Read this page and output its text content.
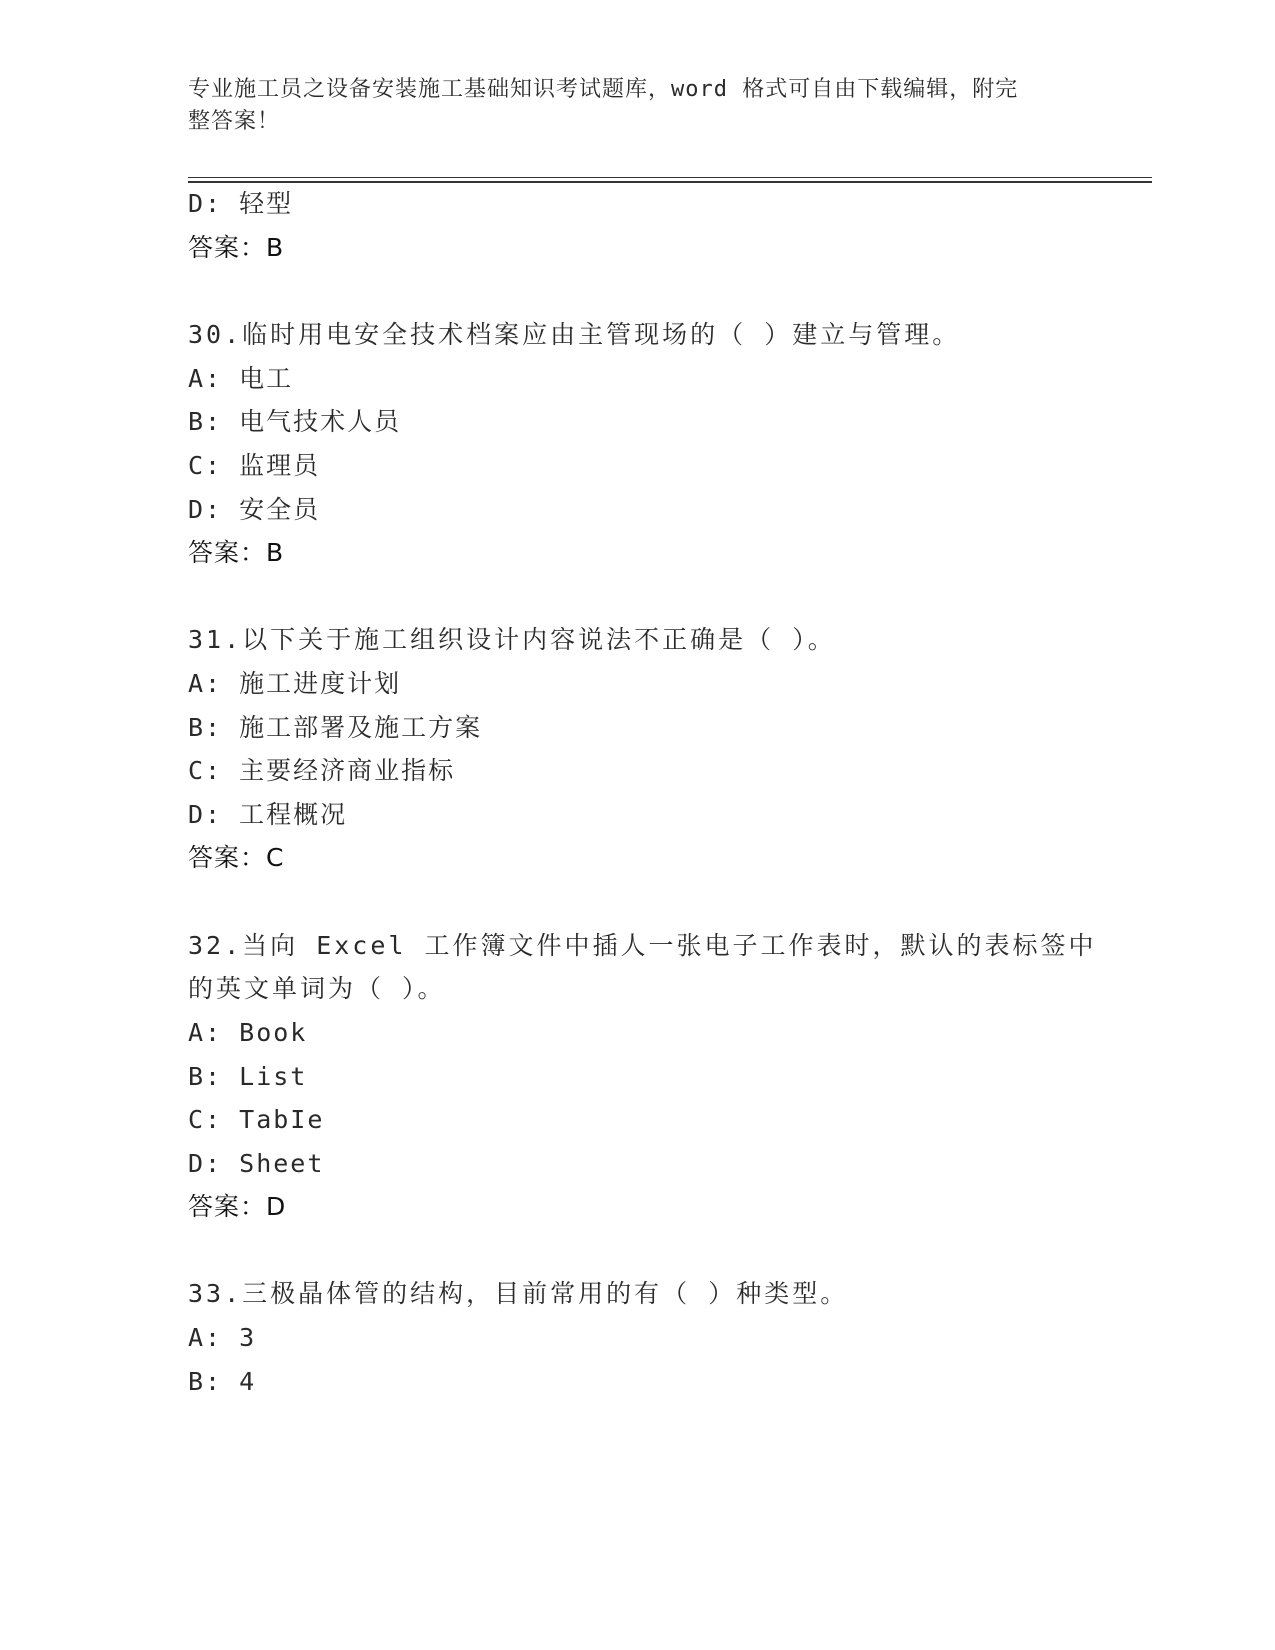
专业施工员之设备安装施工基础知识考试题库，word 格式可自由下载编辑，附完
整答案！
D: 轻型
答案：B
30.临时用电安全技术档案应由主管现场的（ ）建立与管理。
A: 电工
B: 电气技术人员
C: 监理员
D: 安全员
答案：B
31.以下关于施工组织设计内容说法不正确是（ ）。
A: 施工进度计划
B: 施工部署及施工方案
C: 主要经济商业指标
D: 工程概况
答案：C
32.当向 Excel 工作簿文件中插人一张电子工作表时，默认的表标签中
的英文单词为（ ）。
A: Book
B: List
C: TabIe
D: Sheet
答案：D
33.三极晶体管的结构，目前常用的有（ ）种类型。
A: 3
B: 4
